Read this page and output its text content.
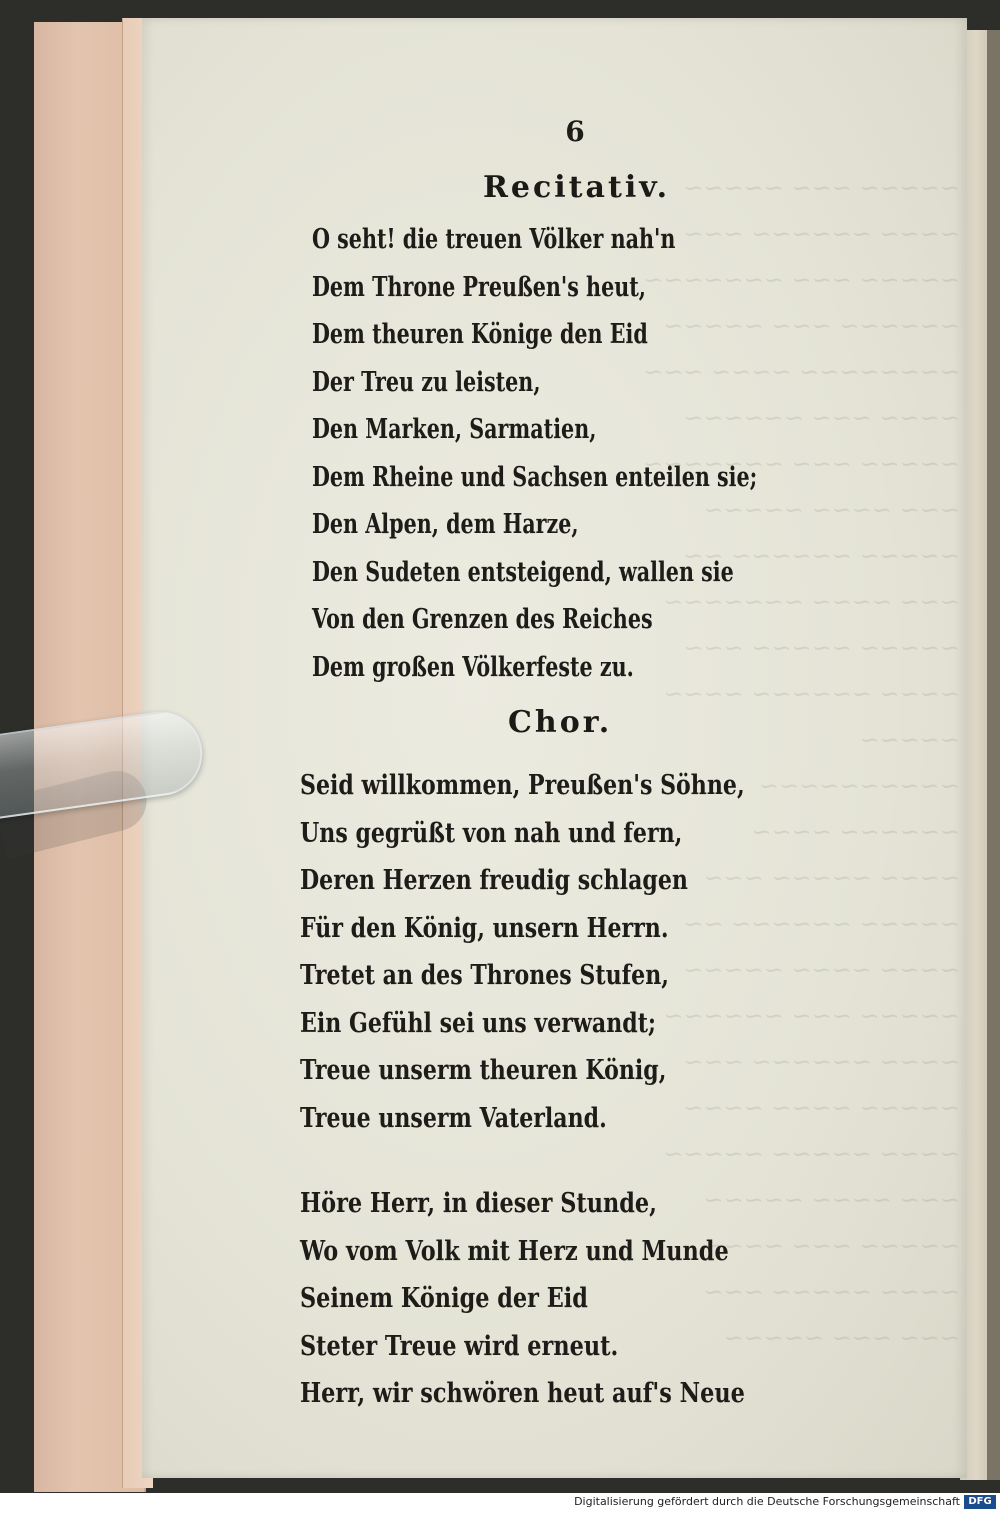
~~~~~ ~~~ ~~~~~
~~~~ ~~~~~~ ~~~ ~~
~~~~~ ~~~ ~~~~~~~
~~~~~~ ~~~ ~~~~~
~~~~~~~~ ~~~~ ~~~
~~~~ ~~~ ~~~~~~
~~~~~ ~~~ ~~~~~~~
~~~ ~~~~ ~~~~~
~~~~~ ~~~~~~ ~~
~~~ ~~~~ ~~~~~~~
~~~~~ ~~~~~ ~~~
~~~~ ~~~~~~ ~~~~
~~~~~
~~~~~~~~~~
~~~~~~ ~~~~
~~~~ ~~~~~ ~~~
~~~~~ ~~~~~~ ~~
~~~~ ~~~~ ~~~~~
~~~~~ ~~~ ~~~~~~
~~~~ ~~~~~~ ~~~
~~~~~ ~~~~ ~~~~
~~~~ ~~~~~ ~~~~~
~~~ ~~~~ ~~~~~
~~~~~ ~~~ ~~~~
~~~~ ~~~~~ ~~~
~~~ ~~~ ~~~~~
6
Recitativ.
O seht! die treuen Völker nah'n
Dem Throne Preußen's heut,
Dem theuren Könige den Eid
Der Treu zu leisten,
Den Marken, Sarmatien,
Dem Rheine und Sachsen enteilen sie;
Den Alpen, dem Harze,
Den Sudeten entsteigend, wallen sie
Von den Grenzen des Reiches
Dem großen Völkerfeste zu.
Chor.
Seid willkommen, Preußen's Söhne,
Uns gegrüßt von nah und fern,
Deren Herzen freudig schlagen
Für den König, unsern Herrn.
Tretet an des Thrones Stufen,
Ein Gefühl sei uns verwandt;
Treue unserm theuren König,
Treue unserm Vaterland.
Höre Herr, in dieser Stunde,
Wo vom Volk mit Herz und Munde
Seinem Könige der Eid
Steter Treue wird erneut.
Herr, wir schwören heut auf's Neue
Digitalisierung gefördert durch die Deutsche Forschungsgemeinschaft DFG
